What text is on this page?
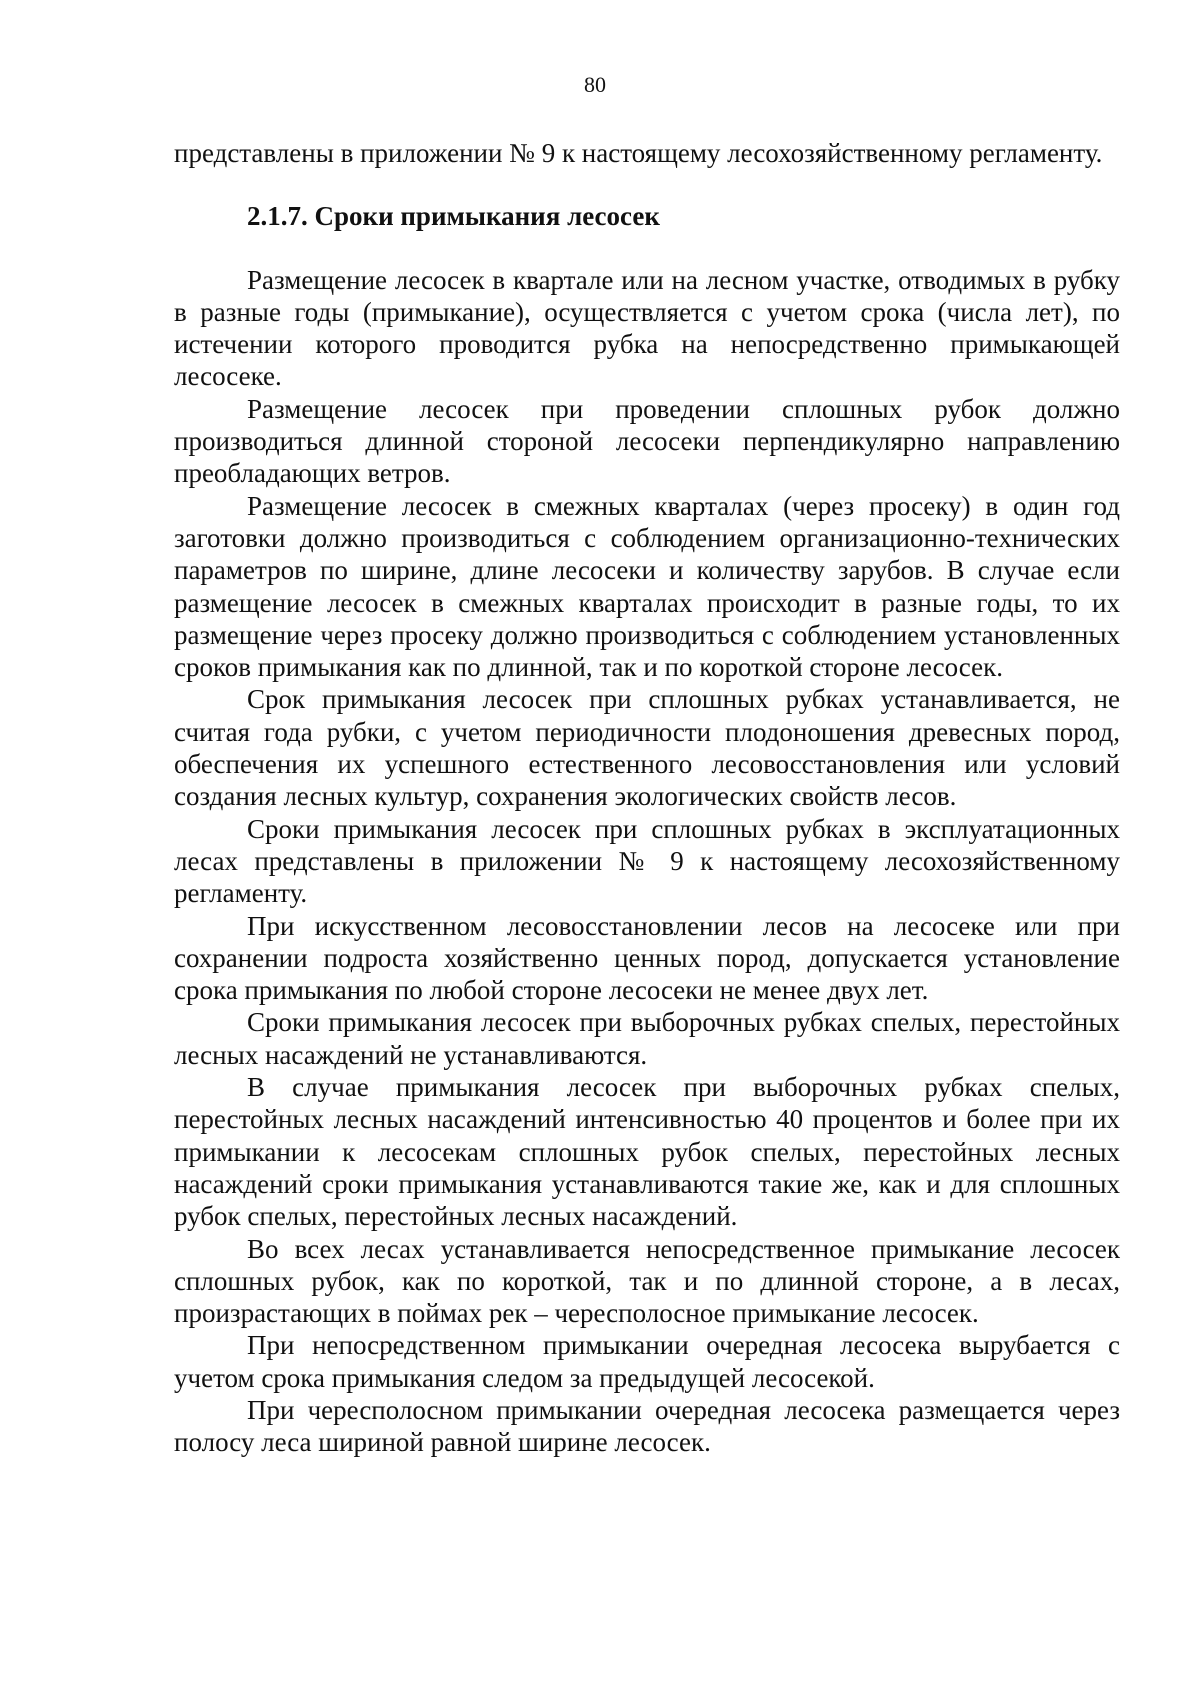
80

представлены в приложении № 9 к настоящему лесохозяйственному регламенту.

2.1.7. Сроки примыкания лесосек

Размещение лесосек в квартале или на лесном участке, отводимых в рубку в разные годы (примыкание), осуществляется с учетом срока (числа лет), по истечении которого проводится рубка на непосредственно примыкающей лесосеке.

Размещение лесосек при проведении сплошных рубок должно производиться длинной стороной лесосеки перпендикулярно направлению преобладающих ветров.

Размещение лесосек в смежных кварталах (через просеку) в один год заготовки должно производиться с соблюдением организационно-технических параметров по ширине, длине лесосеки и количеству зарубов. В случае если размещение лесосек в смежных кварталах происходит в разные годы, то их размещение через просеку должно производиться с соблюдением установленных сроков примыкания как по длинной, так и по короткой стороне лесосек.

Срок примыкания лесосек при сплошных рубках устанавливается, не считая года рубки, с учетом периодичности плодоношения древесных пород, обеспечения их успешного естественного лесовосстановления или условий создания лесных культур, сохранения экологических свойств лесов.

Сроки примыкания лесосек при сплошных рубках в эксплуатационных лесах представлены в приложении № 9 к настоящему лесохозяйственному регламенту.

При искусственном лесовосстановлении лесов на лесосеке или при сохранении подроста хозяйственно ценных пород, допускается установление срока примыкания по любой стороне лесосеки не менее двух лет.

Сроки примыкания лесосек при выборочных рубках спелых, перестойных лесных насаждений не устанавливаются.

В случае примыкания лесосек при выборочных рубках спелых, перестойных лесных насаждений интенсивностью 40 процентов и более при их примыкании к лесосекам сплошных рубок спелых, перестойных лесных насаждений сроки примыкания устанавливаются такие же, как и для сплошных рубок спелых, перестойных лесных насаждений.

Во всех лесах устанавливается непосредственное примыкание лесосек сплошных рубок, как по короткой, так и по длинной стороне, а в лесах, произрастающих в поймах рек – чересполосное примыкание лесосек.

При непосредственном примыкании очередная лесосека вырубается с учетом срока примыкания следом за предыдущей лесосекой.

При чересполосном примыкании очередная лесосека размещается через полосу леса шириной равной ширине лесосек.
